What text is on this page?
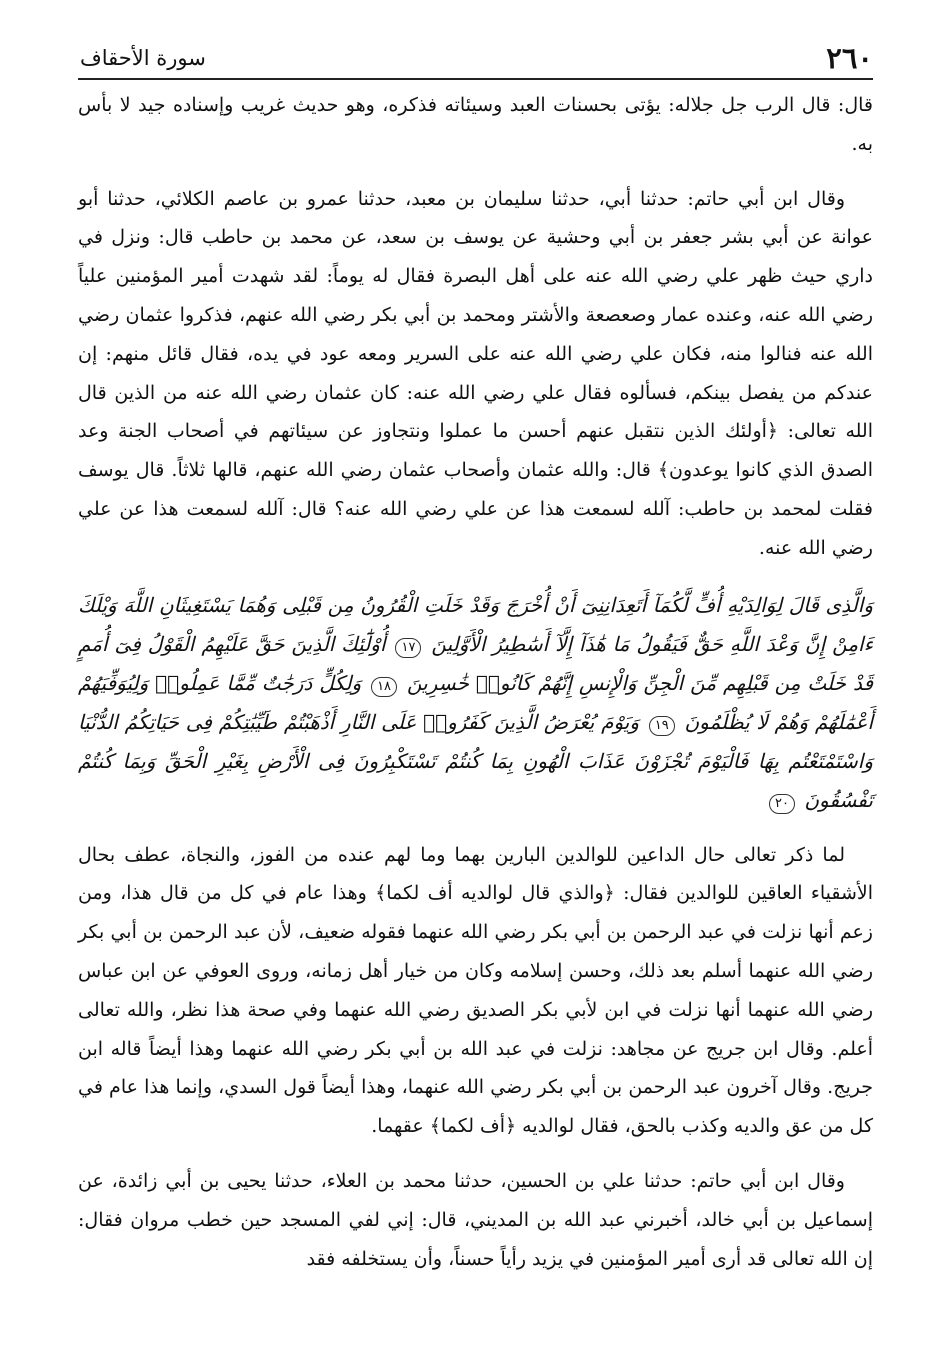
٢٦٠
سورة الأحقاف

قال: قال الرب جل جلاله: يؤتى بحسنات العبد وسيئاته فذكره، وهو حديث غريب وإسناده جيد لا بأس به.

وقال ابن أبي حاتم: حدثنا أبي، حدثنا سليمان بن معبد، حدثنا عمرو بن عاصم الكلائي، حدثنا أبو عوانة عن أبي بشر جعفر بن أبي وحشية عن يوسف بن سعد، عن محمد بن حاطب قال: ونزل في داري حيث ظهر علي رضي الله عنه على أهل البصرة فقال له يوماً: لقد شهدت أمير المؤمنين علياً رضي الله عنه، وعنده عمار وصعصعة والأشتر ومحمد بن أبي بكر رضي الله عنهم، فذكروا عثمان رضي الله عنه فنالوا منه، فكان علي رضي الله عنه على السرير ومعه عود في يده، فقال قائل منهم: إن عندكم من يفصل بينكم، فسألوه فقال علي رضي الله عنه: كان عثمان رضي الله عنه من الذين قال الله تعالى: ﴿أولئك الذين نتقبل عنهم أحسن ما عملوا ونتجاوز عن سيئاتهم في أصحاب الجنة وعد الصدق الذي كانوا يوعدون﴾ قال: والله عثمان وأصحاب عثمان رضي الله عنهم، قالها ثلاثاً. قال يوسف فقلت لمحمد بن حاطب: آلله لسمعت هذا عن علي رضي الله عنه؟ قال: آلله لسمعت هذا عن علي رضي الله عنه.

وَالَّذِى قَالَ لِوَالِدَيْهِ أُفٍّ لَّكُمَآ أَتَعِدَانِنِىٓ أَنْ أُخْرَجَ وَقَدْ خَلَتِ الْقُرُونُ مِن قَبْلِى وَهُمَا يَسْتَغِيثَانِ اللَّهَ وَيْلَكَ ءَامِنْ إِنَّ وَعْدَ اللَّهِ حَقٌّ فَيَقُولُ مَا هَٰذَآ إِلَّآ أَسَٰطِيرُ الْأَوَّلِينَ ١٧ أُوْلَٰٓئِكَ الَّذِينَ حَقَّ عَلَيْهِمُ الْقَوْلُ فِىٓ أُمَمٍ قَدْ خَلَتْ مِن قَبْلِهِم مِّنَ الْجِنِّ وَالْإِنسِ إِنَّهُمْ كَانُوا۟ خَٰسِرِينَ ١٨ وَلِكُلٍّ دَرَجَٰتٌ مِّمَّا عَمِلُوا۟ وَلِيُوَفِّيَهُمْ أَعْمَٰلَهُمْ وَهُمْ لَا يُظْلَمُونَ ١٩ وَيَوْمَ يُعْرَضُ الَّذِينَ كَفَرُوا۟ عَلَى النَّارِ أَذْهَبْتُمْ طَيِّبَٰتِكُمْ فِى حَيَاتِكُمُ الدُّنْيَا وَاسْتَمْتَعْتُم بِهَا فَالْيَوْمَ تُجْزَوْنَ عَذَابَ الْهُونِ بِمَا كُنتُمْ تَسْتَكْبِرُونَ فِى الْأَرْضِ بِغَيْرِ الْحَقِّ وَبِمَا كُنتُمْ تَفْسُقُونَ ٢٠

لما ذكر تعالى حال الداعين للوالدين البارين بهما وما لهم عنده من الفوز، والنجاة، عطف بحال الأشقياء العاقين للوالدين فقال: ﴿والذي قال لوالديه أف لكما﴾ وهذا عام في كل من قال هذا، ومن زعم أنها نزلت في عبد الرحمن بن أبي بكر رضي الله عنهما فقوله ضعيف، لأن عبد الرحمن بن أبي بكر رضي الله عنهما أسلم بعد ذلك، وحسن إسلامه وكان من خيار أهل زمانه، وروى العوفي عن ابن عباس رضي الله عنهما أنها نزلت في ابن لأبي بكر الصديق رضي الله عنهما وفي صحة هذا نظر، والله تعالى أعلم. وقال ابن جريج عن مجاهد: نزلت في عبد الله بن أبي بكر رضي الله عنهما وهذا أيضاً قاله ابن جريج. وقال آخرون عبد الرحمن بن أبي بكر رضي الله عنهما، وهذا أيضاً قول السدي، وإنما هذا عام في كل من عق والديه وكذب بالحق، فقال لوالديه ﴿أف لكما﴾ عقهما.

وقال ابن أبي حاتم: حدثنا علي بن الحسين، حدثنا محمد بن العلاء، حدثنا يحيى بن أبي زائدة، عن إسماعيل بن أبي خالد، أخبرني عبد الله بن المديني، قال: إني لفي المسجد حين خطب مروان فقال: إن الله تعالى قد أرى أمير المؤمنين في يزيد رأياً حسناً، وأن يستخلفه فقد
